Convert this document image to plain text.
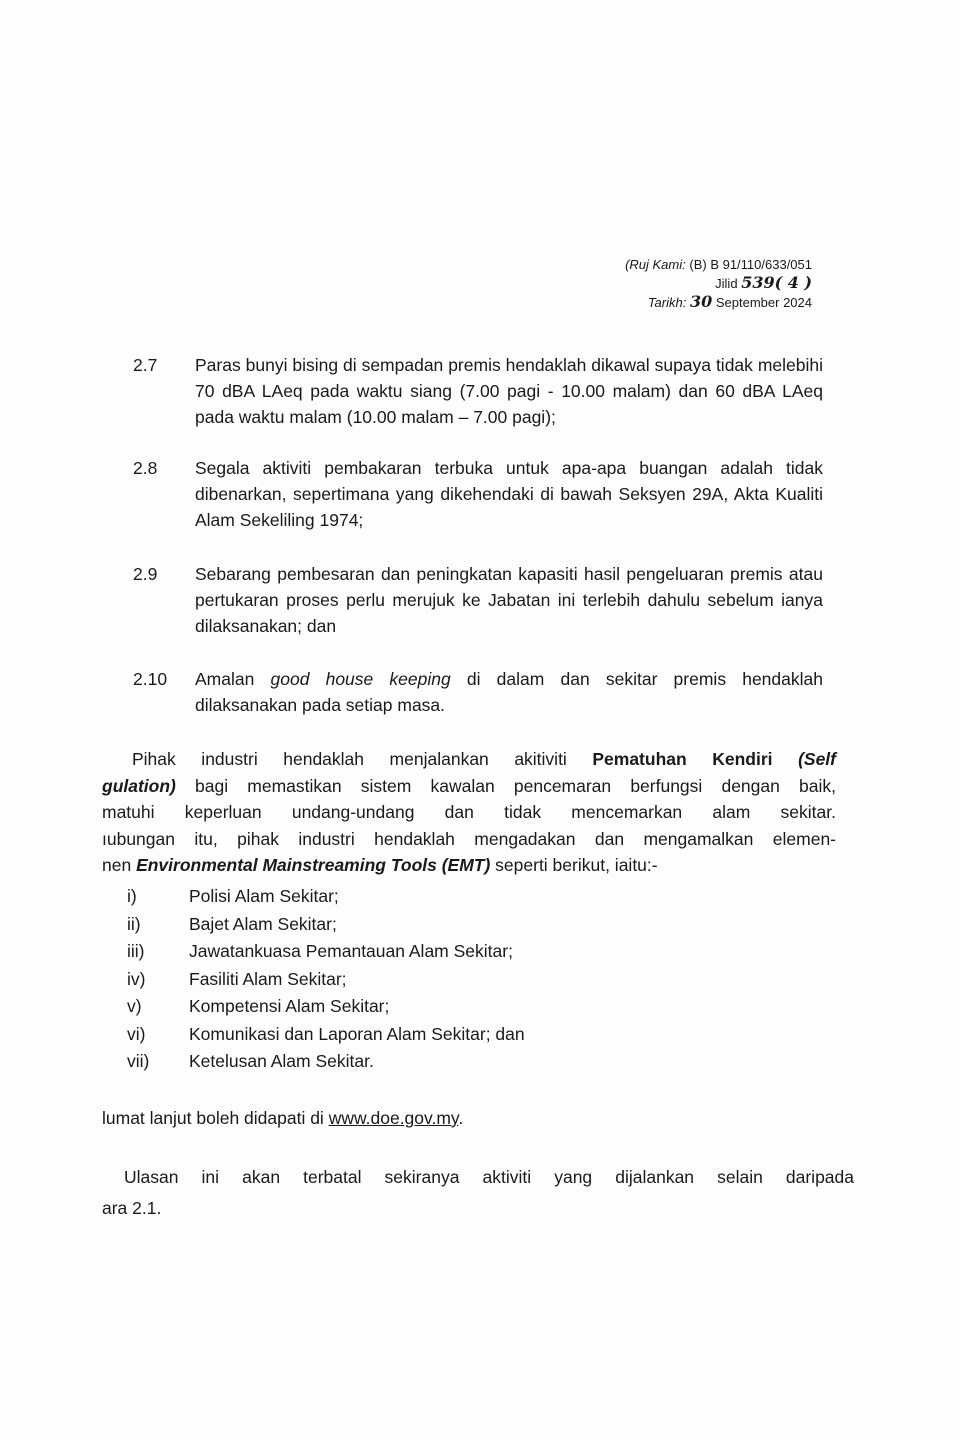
(Ruj Kami: (B) B 91/110/633/051
Jilid 539( 4 )
Tarikh: 30 September 2024
2.7	Paras bunyi bising di sempadan premis hendaklah dikawal supaya tidak melebihi 70 dBA LAeq pada waktu siang (7.00 pagi - 10.00 malam) dan 60 dBA LAeq pada waktu malam (10.00 malam – 7.00 pagi);
2.8	Segala aktiviti pembakaran terbuka untuk apa-apa buangan adalah tidak dibenarkan, sepertimana yang dikehendaki di bawah Seksyen 29A, Akta Kualiti Alam Sekeliling 1974;
2.9	Sebarang pembesaran dan peningkatan kapasiti hasil pengeluaran premis atau pertukaran proses perlu merujuk ke Jabatan ini terlebih dahulu sebelum ianya dilaksanakan; dan
2.10	Amalan good house keeping di dalam dan sekitar premis hendaklah dilaksanakan pada setiap masa.
Pihak industri hendaklah menjalankan akitiviti Pematuhan Kendiri (Self
gulation) bagi memastikan sistem kawalan pencemaran berfungsi dengan baik,
matuhi keperluan undang-undang dan tidak mencemarkan alam sekitar.
ıubungan itu, pihak industri hendaklah mengadakan dan mengamalkan elemen-
nen Environmental Mainstreaming Tools (EMT) seperti berikut, iaitu:-
i)	Polisi Alam Sekitar;
ii)	Bajet Alam Sekitar;
iii)	Jawatankuasa Pemantauan Alam Sekitar;
iv)	Fasiliti Alam Sekitar;
v)	Kompetensi Alam Sekitar;
vi)	Komunikasi dan Laporan Alam Sekitar; dan
vii)	Ketelusan Alam Sekitar.
lumat lanjut boleh didapati di www.doe.gov.my.
Ulasan ini akan terbatal sekiranya aktiviti yang dijalankan selain daripada
ara 2.1.
